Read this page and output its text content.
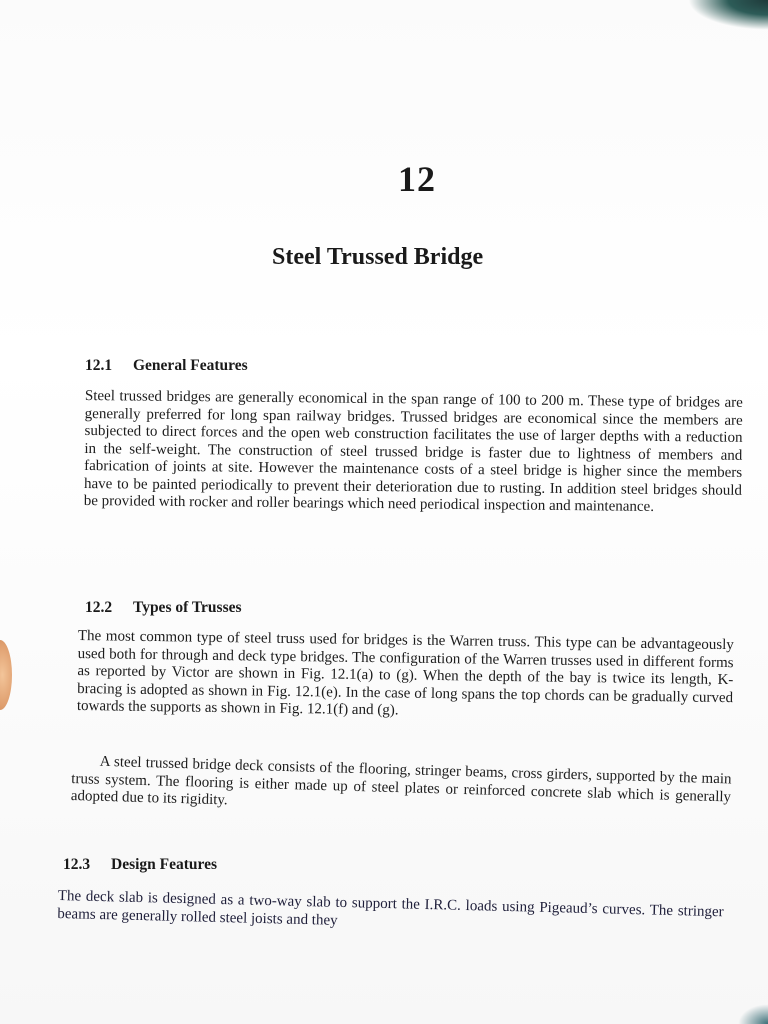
12
Steel Trussed Bridge
12.1 General Features
Steel trussed bridges are generally economical in the span range of 100 to 200 m. These type of bridges are generally preferred for long span railway bridges. Trussed bridges are economical since the members are subjected to direct forces and the open web construction facilitates the use of larger depths with a reduction in the self-weight. The construction of steel trussed bridge is faster due to lightness of members and fabrication of joints at site. However the maintenance costs of a steel bridge is higher since the members have to be painted periodically to prevent their deterioration due to rusting. In addition steel bridges should be provided with rocker and roller bearings which need periodical inspection and maintenance.
12.2 Types of Trusses
The most common type of steel truss used for bridges is the Warren truss. This type can be advantageously used both for through and deck type bridges. The configuration of the Warren trusses used in different forms as reported by Victor are shown in Fig. 12.1(a) to (g). When the depth of the bay is twice its length, K-bracing is adopted as shown in Fig. 12.1(e). In the case of long spans the top chords can be gradually curved towards the supports as shown in Fig. 12.1(f) and (g).
A steel trussed bridge deck consists of the flooring, stringer beams, cross girders, supported by the main truss system. The flooring is either made up of steel plates or reinforced concrete slab which is generally adopted due to its rigidity.
12.3 Design Features
The deck slab is designed as a two-way slab to support the I.R.C. loads using Pigeaud’s curves. The stringer beams are generally rolled steel joists and they
